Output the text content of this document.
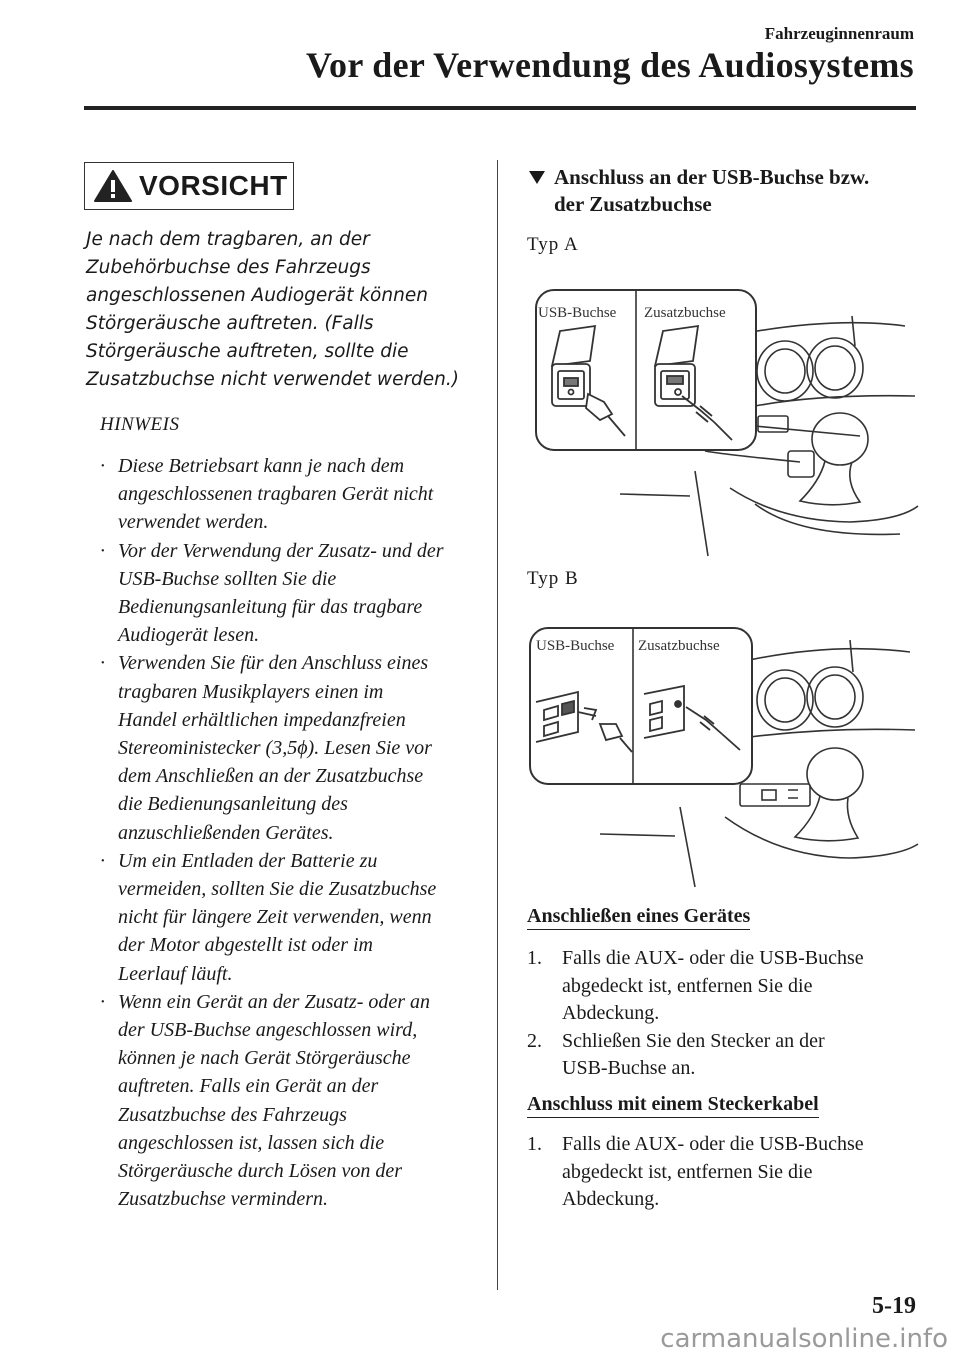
Fahrzeuginnenraum
Vor der Verwendung des Audiosystems
VORSICHT
Je nach dem tragbaren, an der
Zubehörbuchse des Fahrzeugs
angeschlossenen Audiogerät können
Störgeräusche auftreten. (Falls
Störgeräusche auftreten, sollte die
Zusatzbuchse nicht verwendet werden.)
HINWEIS
· Diese Betriebsart kann je nach dem
angeschlossenen tragbaren Gerät nicht
verwendet werden.
· Vor der Verwendung der Zusatz- und der
USB-Buchse sollten Sie die
Bedienungsanleitung für das tragbare
Audiogerät lesen.
· Verwenden Sie für den Anschluss eines
tragbaren Musikplayers einen im
Handel erhältlichen impedanzfreien
Stereoministecker (3,5ϕ). Lesen Sie vor
dem Anschließen an der Zusatzbuchse
die Bedienungsanleitung des
anzuschließenden Gerätes.
· Um ein Entladen der Batterie zu
vermeiden, sollten Sie die Zusatzbuchse
nicht für längere Zeit verwenden, wenn
der Motor abgestellt ist oder im
Leerlauf läuft.
· Wenn ein Gerät an der Zusatz- oder an
der USB-Buchse angeschlossen wird,
können je nach Gerät Störgeräusche
auftreten. Falls ein Gerät an der
Zusatzbuchse des Fahrzeugs
angeschlossen ist, lassen sich die
Störgeräusche durch Lösen von der
Zusatzbuchse vermindern.
Anschluss an der USB-Buchse bzw.
der Zusatzbuchse
Typ A
USB-Buchse Zusatzbuchse
Typ B
USB-Buchse Zusatzbuchse
Anschließen eines Gerätes
1. Falls die AUX- oder die USB-Buchse
abgedeckt ist, entfernen Sie die
Abdeckung.
2. Schließen Sie den Stecker an der
USB-Buchse an.
Anschluss mit einem Steckerkabel
1. Falls die AUX- oder die USB-Buchse
abgedeckt ist, entfernen Sie die
Abdeckung.
5-19
carmanualsonline.info
